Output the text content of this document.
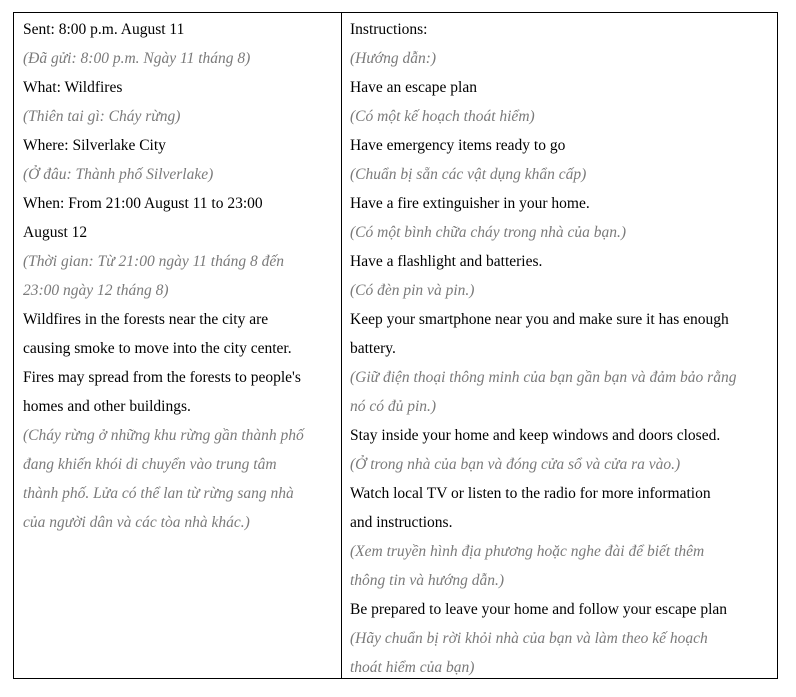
Sent: 8:00 p.m. August 11
(Đã gửi: 8:00 p.m. Ngày 11 tháng 8)
What: Wildfires
(Thiên tai gì: Cháy rừng)
Where: Silverlake City
(Ở đâu: Thành phố Silverlake)
When: From 21:00 August 11 to 23:00
August 12
(Thời gian: Từ 21:00 ngày 11 tháng 8 đến
23:00 ngày 12 tháng 8)
Wildfires in the forests near the city are
causing smoke to move into the city center.
Fires may spread from the forests to people's
homes and other buildings.
(Cháy rừng ở những khu rừng gần thành phố
đang khiến khói di chuyển vào trung tâm
thành phố. Lửa có thể lan từ rừng sang nhà
của người dân và các tòa nhà khác.)
Instructions:
(Hướng dẫn:)
Have an escape plan
(Có một kế hoạch thoát hiểm)
Have emergency items ready to go
(Chuẩn bị sẵn các vật dụng khẩn cấp)
Have a fire extinguisher in your home.
(Có một bình chữa cháy trong nhà của bạn.)
Have a flashlight and batteries.
(Có đèn pin và pin.)
Keep your smartphone near you and make sure it has enough
battery.
(Giữ điện thoại thông minh của bạn gần bạn và đảm bảo rằng
nó có đủ pin.)
Stay inside your home and keep windows and doors closed.
(Ở trong nhà của bạn và đóng cửa sổ và cửa ra vào.)
Watch local TV or listen to the radio for more information
and instructions.
(Xem truyền hình địa phương hoặc nghe đài để biết thêm
thông tin và hướng dẫn.)
Be prepared to leave your home and follow your escape plan
(Hãy chuẩn bị rời khỏi nhà của bạn và làm theo kế hoạch
thoát hiểm của bạn)
